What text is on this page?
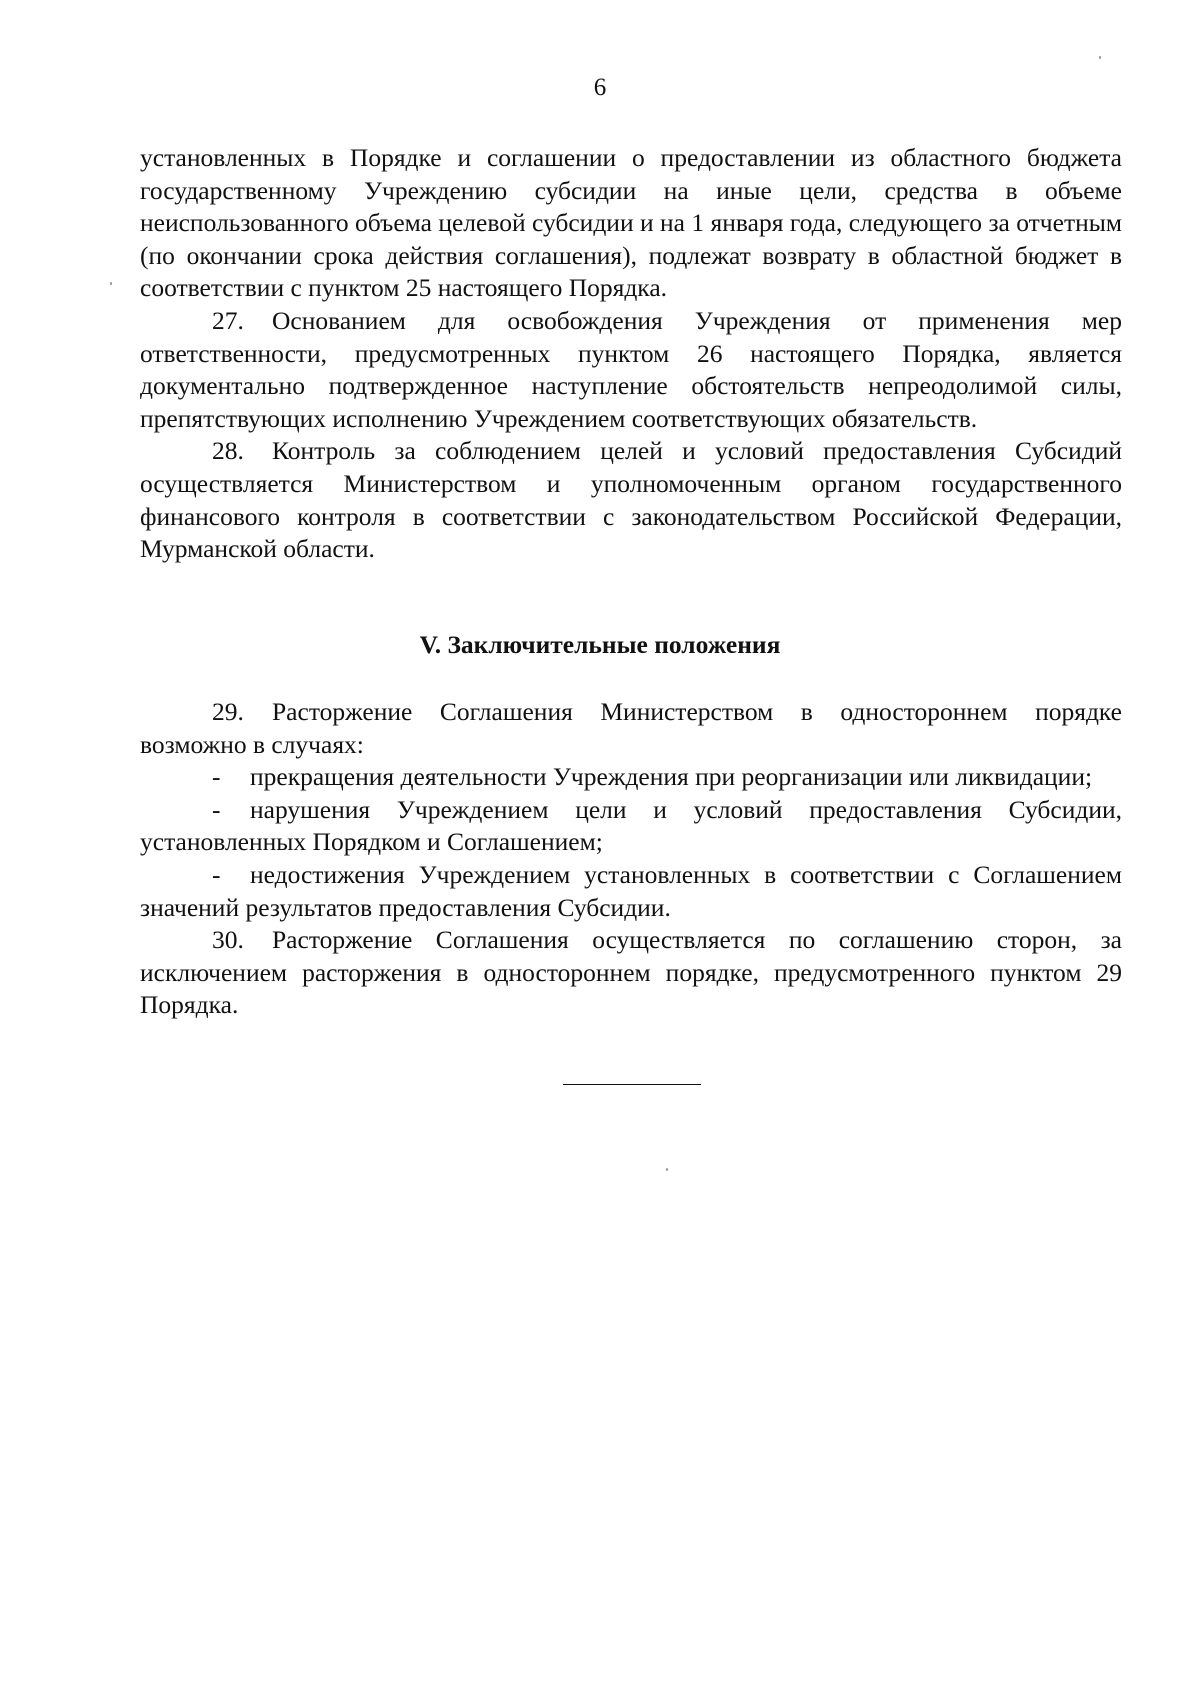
6

установленных в Порядке и соглашении о предоставлении из областного бюджета государственному Учреждению субсидии на иные цели, средства в объеме неиспользованного объема целевой субсидии и на 1 января года, следующего за отчетным (по окончании срока действия соглашения), подлежат возврату в областной бюджет в соответствии с пунктом 25 настоящего Порядка.

27. Основанием для освобождения Учреждения от применения мер ответственности, предусмотренных пунктом 26 настоящего Порядка, является документально подтвержденное наступление обстоятельств непреодолимой силы, препятствующих исполнению Учреждением соответствующих обязательств.

28. Контроль за соблюдением целей и условий предоставления Субсидий осуществляется Министерством и уполномоченным органом государственного финансового контроля в соответствии с законодательством Российской Федерации, Мурманской области.

V. Заключительные положения

29. Расторжение Соглашения Министерством в одностороннем порядке возможно в случаях:

- прекращения деятельности Учреждения при реорганизации или ликвидации;

- нарушения Учреждением цели и условий предоставления Субсидии, установленных Порядком и Соглашением;

- недостижения Учреждением установленных в соответствии с Соглашением значений результатов предоставления Субсидии.

30. Расторжение Соглашения осуществляется по соглашению сторон, за исключением расторжения в одностороннем порядке, предусмотренного пунктом 29 Порядка.
